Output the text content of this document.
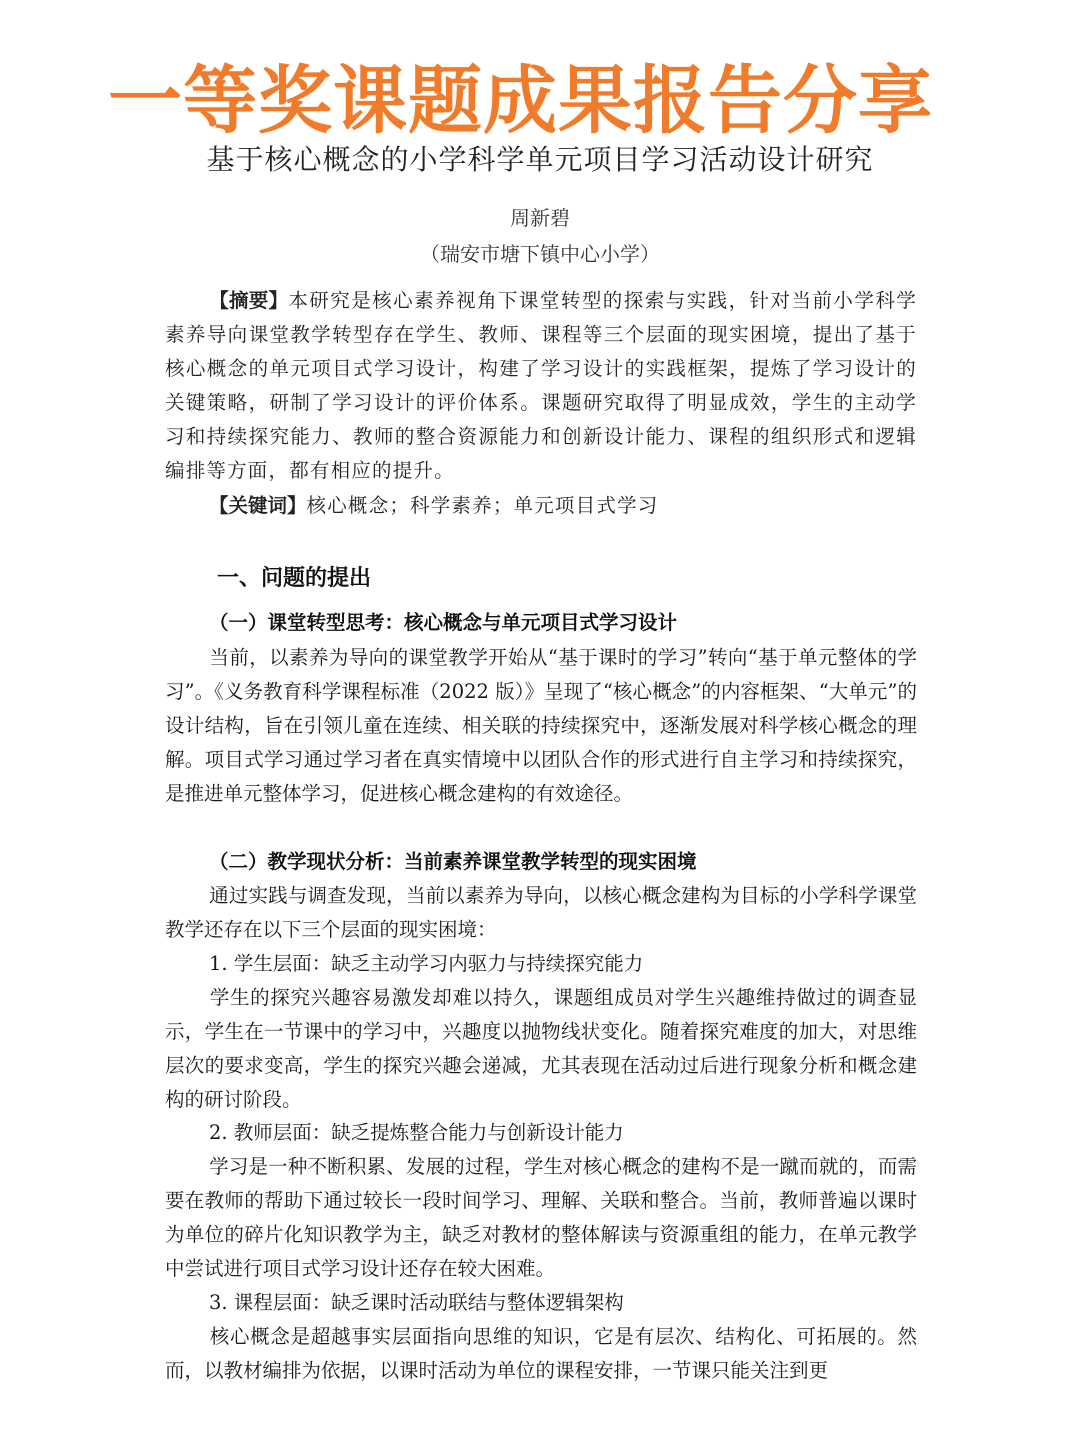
一等奖课题成果报告分享
基于核心概念的小学科学单元项目学习活动设计研究
周新碧
（瑞安市塘下镇中心小学）
【摘要】本研究是核心素养视角下课堂转型的探索与实践，针对当前小学科学素养导向课堂教学转型存在学生、教师、课程等三个层面的现实困境，提出了基于核心概念的单元项目式学习设计，构建了学习设计的实践框架，提炼了学习设计的关键策略，研制了学习设计的评价体系。课题研究取得了明显成效，学生的主动学习和持续探究能力、教师的整合资源能力和创新设计能力、课程的组织形式和逻辑编排等方面，都有相应的提升。
【关键词】核心概念；科学素养；单元项目式学习
一、问题的提出
（一）课堂转型思考：核心概念与单元项目式学习设计
当前，以素养为导向的课堂教学开始从“基于课时的学习”转向“基于单元整体的学习”。《义务教育科学课程标准（2022 版）》呈现了“核心概念”的内容框架、“大单元”的设计结构，旨在引领儿童在连续、相关联的持续探究中，逐渐发展对科学核心概念的理解。项目式学习通过学习者在真实情境中以团队合作的形式进行自主学习和持续探究，是推进单元整体学习，促进核心概念建构的有效途径。
（二）教学现状分析：当前素养课堂教学转型的现实困境
通过实践与调查发现，当前以素养为导向，以核心概念建构为目标的小学科学课堂教学还存在以下三个层面的现实困境：
1. 学生层面：缺乏主动学习内驱力与持续探究能力
学生的探究兴趣容易激发却难以持久，课题组成员对学生兴趣维持做过的调查显示，学生在一节课中的学习中，兴趣度以抛物线状变化。随着探究难度的加大，对思维层次的要求变高，学生的探究兴趣会递减，尤其表现在活动过后进行现象分析和概念建构的研讨阶段。
2. 教师层面：缺乏提炼整合能力与创新设计能力
学习是一种不断积累、发展的过程，学生对核心概念的建构不是一蹴而就的，而需要在教师的帮助下通过较长一段时间学习、理解、关联和整合。当前，教师普遍以课时为单位的碎片化知识教学为主，缺乏对教材的整体解读与资源重组的能力，在单元教学中尝试进行项目式学习设计还存在较大困难。
3. 课程层面：缺乏课时活动联结与整体逻辑架构
核心概念是超越事实层面指向思维的知识，它是有层次、结构化、可拓展的。然而，以教材编排为依据，以课时活动为单位的课程安排，一节课只能关注到更
